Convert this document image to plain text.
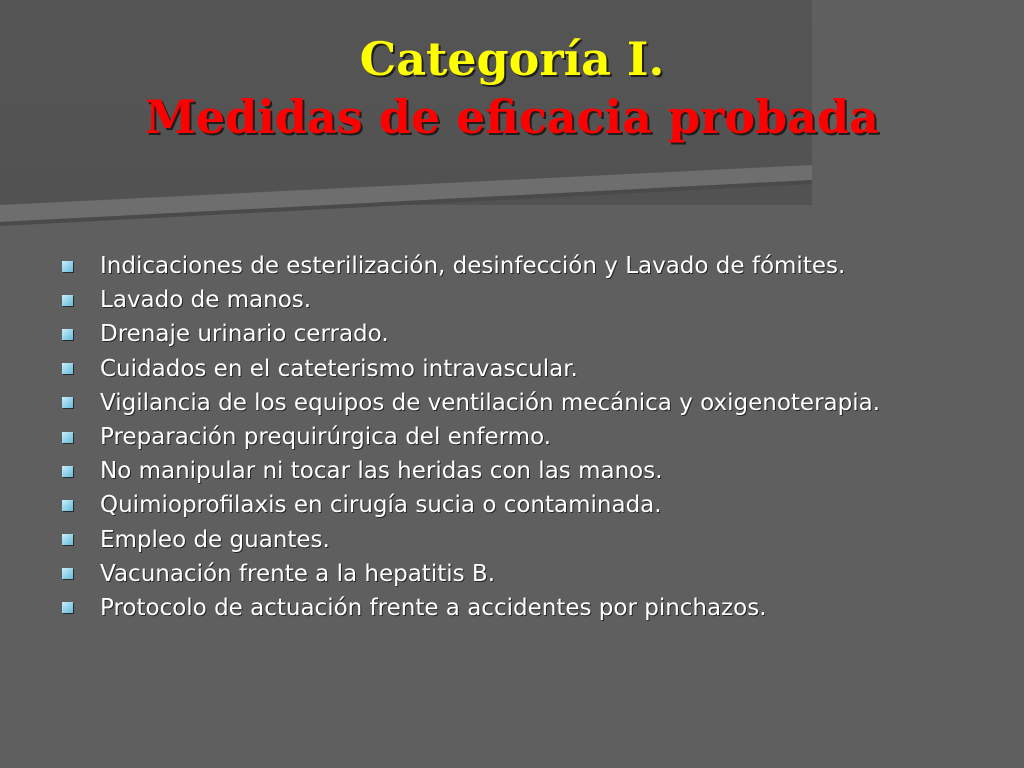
Categoría I.
Medidas de eficacia probada
Indicaciones de esterilización, desinfección y Lavado de fómites.
Lavado de manos.
Drenaje urinario cerrado.
Cuidados en el cateterismo intravascular.
Vigilancia de los equipos de ventilación mecánica y oxigenoterapia.
Preparación prequirúrgica del enfermo.
No manipular ni tocar las heridas con las manos.
Quimioprofilaxis en cirugía sucia o contaminada.
Empleo de guantes.
Vacunación frente a la hepatitis B.
Protocolo de actuación frente a accidentes por pinchazos.
